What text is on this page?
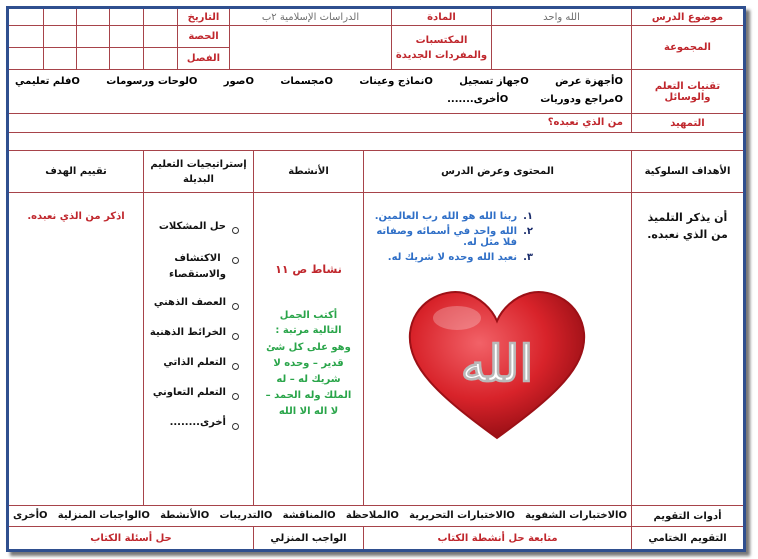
موضوع الدرس
الله واحد
المادة
الدراسات الإسلامية ٢ب
التاريخ
المجموعة
المكتسبات والمفردات الجديدة
الحصة
الفصل
تقنيات التعلم والوسائل
Oأجهزة عرض
Oجهاز تسجيل
Oنماذج وعينات
Oمجسمات
Oصور
Oلوحات ورسومات
Oفلم تعليمي
Oمراجع ودوريات
Oأخرى.......
التمهيد
من الذي نعبده؟
الأهداف السلوكية
المحتوى وعرض الدرس
الأنشطة
إستراتيجيات التعليم البديلة
تقييم الهدف
أن يذكر التلميذ من الذي نعبده.
١.
ربنا الله هو الله رب العالمين.
٢.
الله واحد في أسمائه وصفاته فلا مثل له.
٣.
نعبد الله وحده لا شريك له.
الله
نشاط ص ١١
أكتب الجمل التالية مرتبة :
وهو على كل شئ قدير – وحده لا شريك له – له الملك وله الحمد – لا اله الا الله
حل المشكلات
الاكتشاف والاستقصاء
العصف الذهني
الخرائط الذهنية
التعلم الذاتي
التعلم التعاوني
أخرى........
اذكر من الذي نعبده.
أدوات التقويم
Oالاختبارات الشفوية
Oالاختبارات التحريرية
Oالملاحظة
Oالمناقشة
Oالتدريبات
Oالأنشطة
Oالواجبات المنزلية
Oأخرى
التقويم الختامي
متابعة حل أنشطة الكتاب
الواجب المنزلي
حل أسئلة الكتاب
